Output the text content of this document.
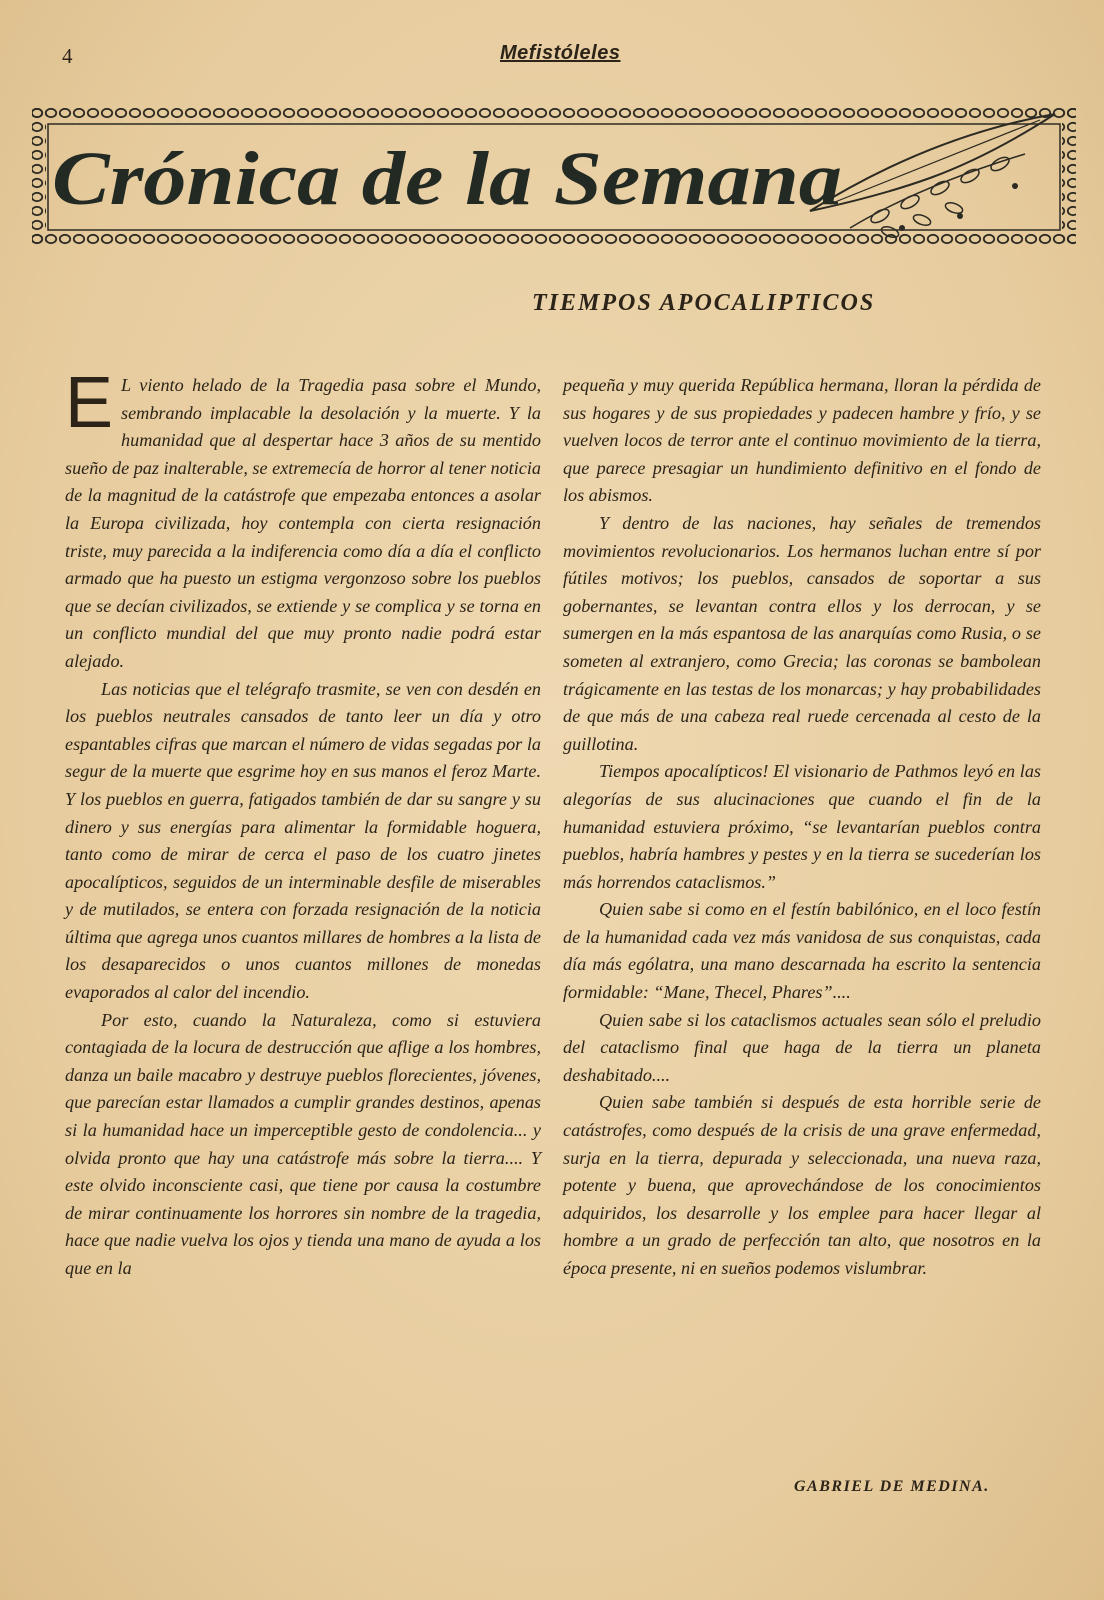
4	Mefistóleles
Crónica de la Semana
TIEMPOS APOCALIPTICOS

E L viento helado de la Tragedia pasa sobre el Mundo, sembrando implacable la desolación y la muerte. Y la humanidad que al despertar hace 3 años de su mentido sueño de paz inalterable, se extremecía de horror al tener noticia de la magnitud de la catástrofe que empezaba entonces a asolar la Europa civilizada, hoy contempla con cierta resignación triste, muy parecida a la indiferencia como día a día el conflicto armado que ha puesto un estigma vergonzoso sobre los pueblos que se decían civilizados, se extiende y se complica y se torna en un conflicto mundial del que muy pronto nadie podrá estar alejado.

Las noticias que el telégrafo trasmite, se ven con desdén en los pueblos neutrales cansados de tanto leer un día y otro espantables cifras que marcan el número de vidas segadas por la segur de la muerte que esgrime hoy en sus manos el feroz Marte. Y los pueblos en guerra, fatigados también de dar su sangre y su dinero y sus energías para alimentar la formidable hoguera, tanto como de mirar de cerca el paso de los cuatro jinetes apocalípticos, seguidos de un interminable desfile de miserables y de mutilados, se entera con forzada resignación de la noticia última que agrega unos cuantos millares de hombres a la lista de los desaparecidos o unos cuantos millones de monedas evaporados al calor del incendio.

Por esto, cuando la Naturaleza, como si estuviera contagiada de la locura de destrucción que aflige a los hombres, danza un baile macabro y destruye pueblos florecientes, jóvenes, que parecían estar llamados a cumplir grandes destinos, apenas si la humanidad hace un imperceptible gesto de condolencia... y olvida pronto que hay una catástrofe más sobre la tierra.... Y este olvido inconsciente casi, que tiene por causa la costumbre de mirar continuamente los horrores sin nombre de la tragedia, hace que nadie vuelva los ojos y tienda una mano de ayuda a los que en la

pequeña y muy querida República hermana, lloran la pérdida de sus hogares y de sus propiedades y padecen hambre y frío, y se vuelven locos de terror ante el continuo movimiento de la tierra, que parece presagiar un hundimiento definitivo en el fondo de los abismos.

Y dentro de las naciones, hay señales de tremendos movimientos revolucionarios. Los hermanos luchan entre sí por fútiles motivos; los pueblos, cansados de soportar a sus gobernantes, se levantan contra ellos y los derrocan, y se sumergen en la más espantosa de las anarquías como Rusia, o se someten al extranjero, como Grecia; las coronas se bambolean trágicamente en las testas de los monarcas; y hay probabilidades de que más de una cabeza real ruede cercenada al cesto de la guillotina.

Tiempos apocalípticos! El visionario de Pathmos leyó en las alegorías de sus alucinaciones que cuando el fin de la humanidad estuviera próximo, “se levantarían pueblos contra pueblos, habría hambres y pestes y en la tierra se sucederían los más horrendos cataclismos.”

Quien sabe si como en el festín babilónico, en el loco festín de la humanidad cada vez más vanidosa de sus conquistas, cada día más ególatra, una mano descarnada ha escrito la sentencia formidable: “Mane, Thecel, Phares”....

Quien sabe si los cataclismos actuales sean sólo el preludio del cataclismo final que haga de la tierra un planeta deshabitado....

Quien sabe también si después de esta horrible serie de catástrofes, como después de la crisis de una grave enfermedad, surja en la tierra, depurada y seleccionada, una nueva raza, potente y buena, que aprovechándose de los conocimientos adquiridos, los desarrolle y los emplee para hacer llegar al hombre a un grado de perfección tan alto, que nosotros en la época presente, ni en sueños podemos vislumbrar.

GABRIEL DE MEDINA.
